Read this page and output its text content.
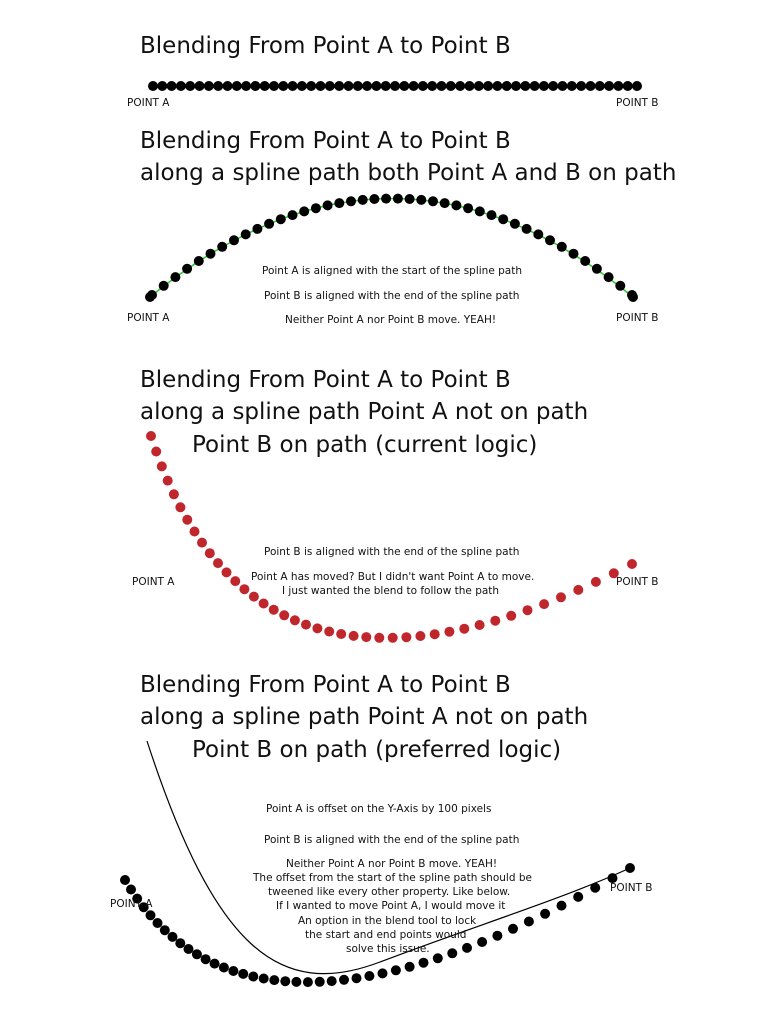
Blending From Point A to Point B
POINT A	POINT B
Blending From Point A to Point B
along a spline path both Point A and B on path
Point A is aligned with the start of the spline path
Point B is aligned with the end of the spline path
Neither Point A nor Point B move. YEAH!
POINT A	POINT B
Blending From Point A to Point B
along a spline path Point A not on path
Point B on path (current logic)
Point B is aligned with the end of the spline path
Point A has moved? But I didn't want Point A to move.
I just wanted the blend to follow the path
POINT A	POINT B
Blending From Point A to Point B
along a spline path Point A not on path
Point B on path (preferred logic)
Point A is offset on the Y-Axis by 100 pixels
Point B is aligned with the end of the spline path
Neither Point A nor Point B move. YEAH!
The offset from the start of the spline path should be
tweened like every other property. Like below.
If I wanted to move Point A, I would move it
An option in the blend tool to lock
the start and end points would
solve this issue.
POINT A
POINT B
